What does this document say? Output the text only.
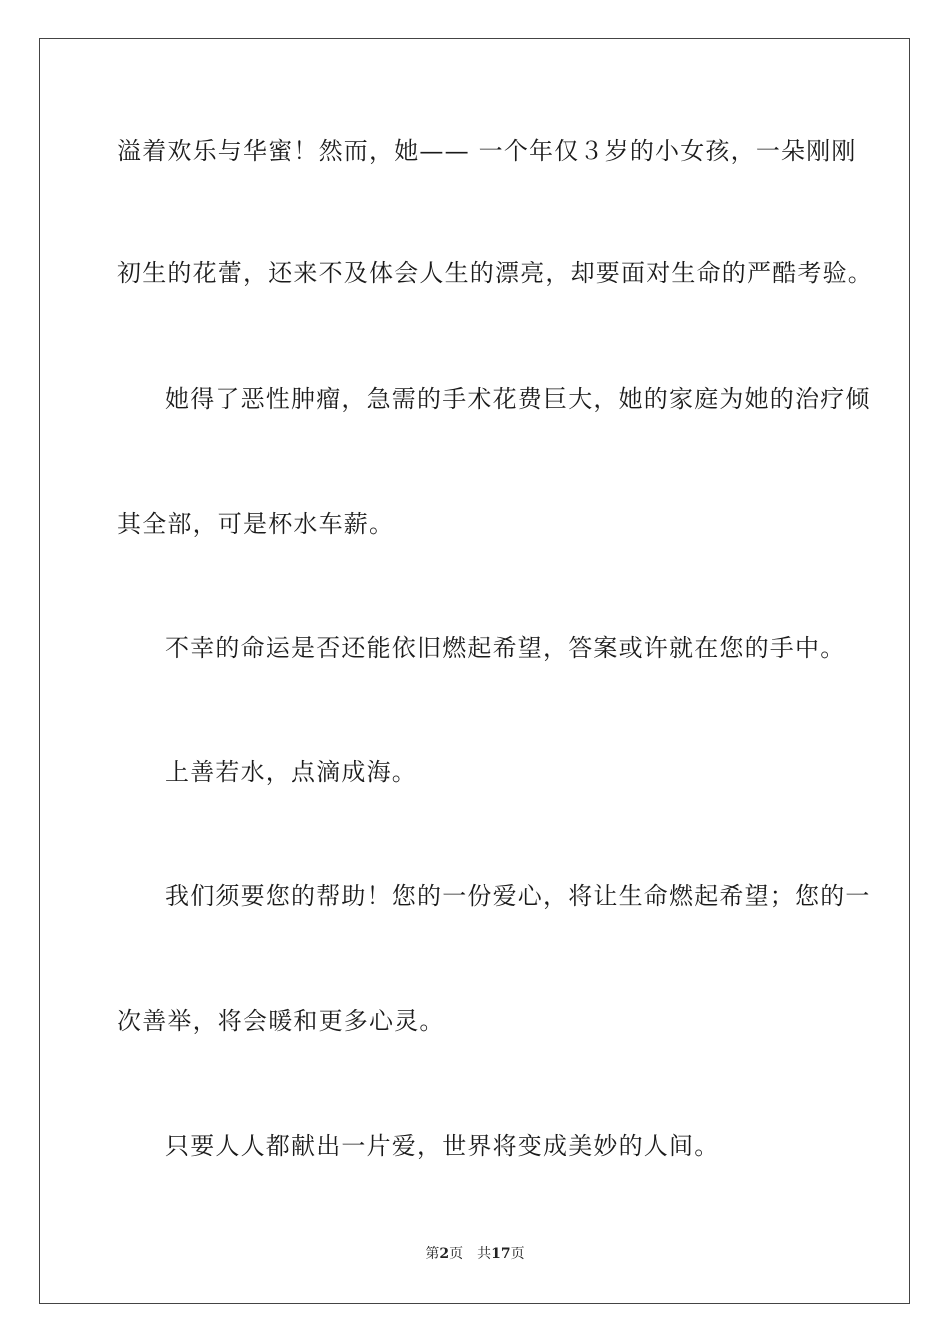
溢着欢乐与华蜜！然而，她—— 一个年仅３岁的小女孩，一朵刚刚
初生的花蕾，还来不及体会人生的漂亮，却要面对生命的严酷考验。
她得了恶性肿瘤，急需的手术花费巨大，她的家庭为她的治疗倾
其全部，可是杯水车薪。
不幸的命运是否还能依旧燃起希望，答案或许就在您的手中。
上善若水，点滴成海。
我们须要您的帮助！您的一份爱心，将让生命燃起希望；您的一
次善举，将会暖和更多心灵。
只要人人都献出一片爱，世界将变成美妙的人间。
第2页 共17页
